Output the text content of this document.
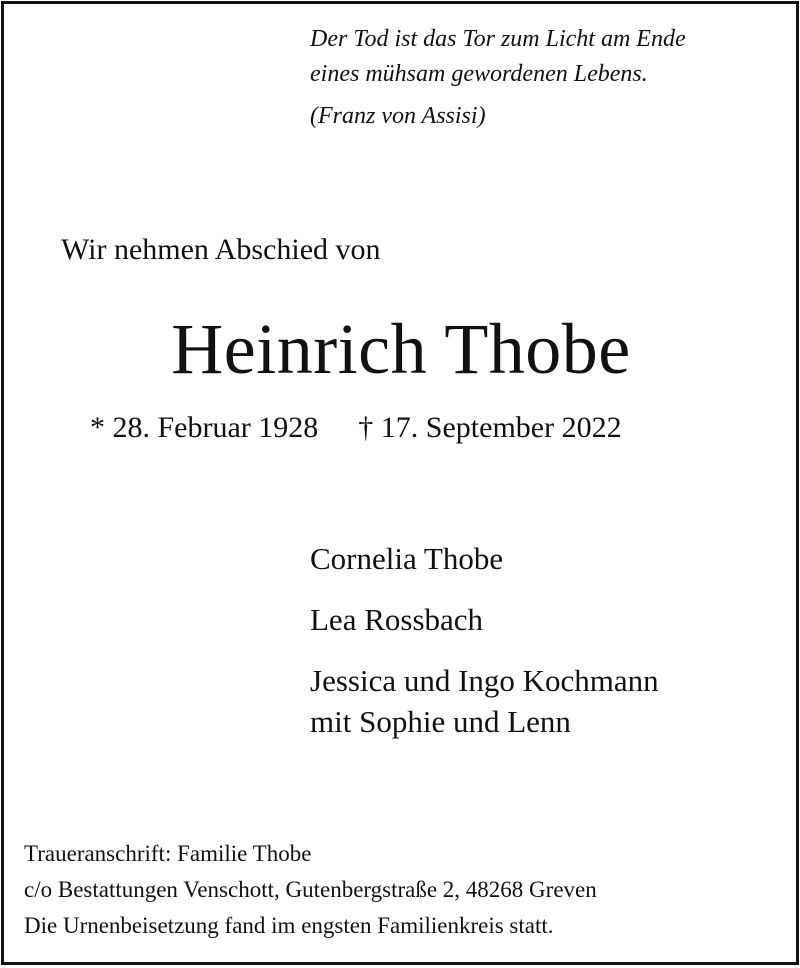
Der Tod ist das Tor zum Licht am Ende
eines mühsam gewordenen Lebens.
(Franz von Assisi)
Wir nehmen Abschied von
Heinrich Thobe
* 28. Februar 1928 † 17. September 2022
Cornelia Thobe
Lea Rossbach
Jessica und Ingo Kochmann
mit Sophie und Lenn
Traueranschrift: Familie Thobe
c/o Bestattungen Venschott, Gutenbergstraße 2, 48268 Greven
Die Urnenbeisetzung fand im engsten Familienkreis statt.
